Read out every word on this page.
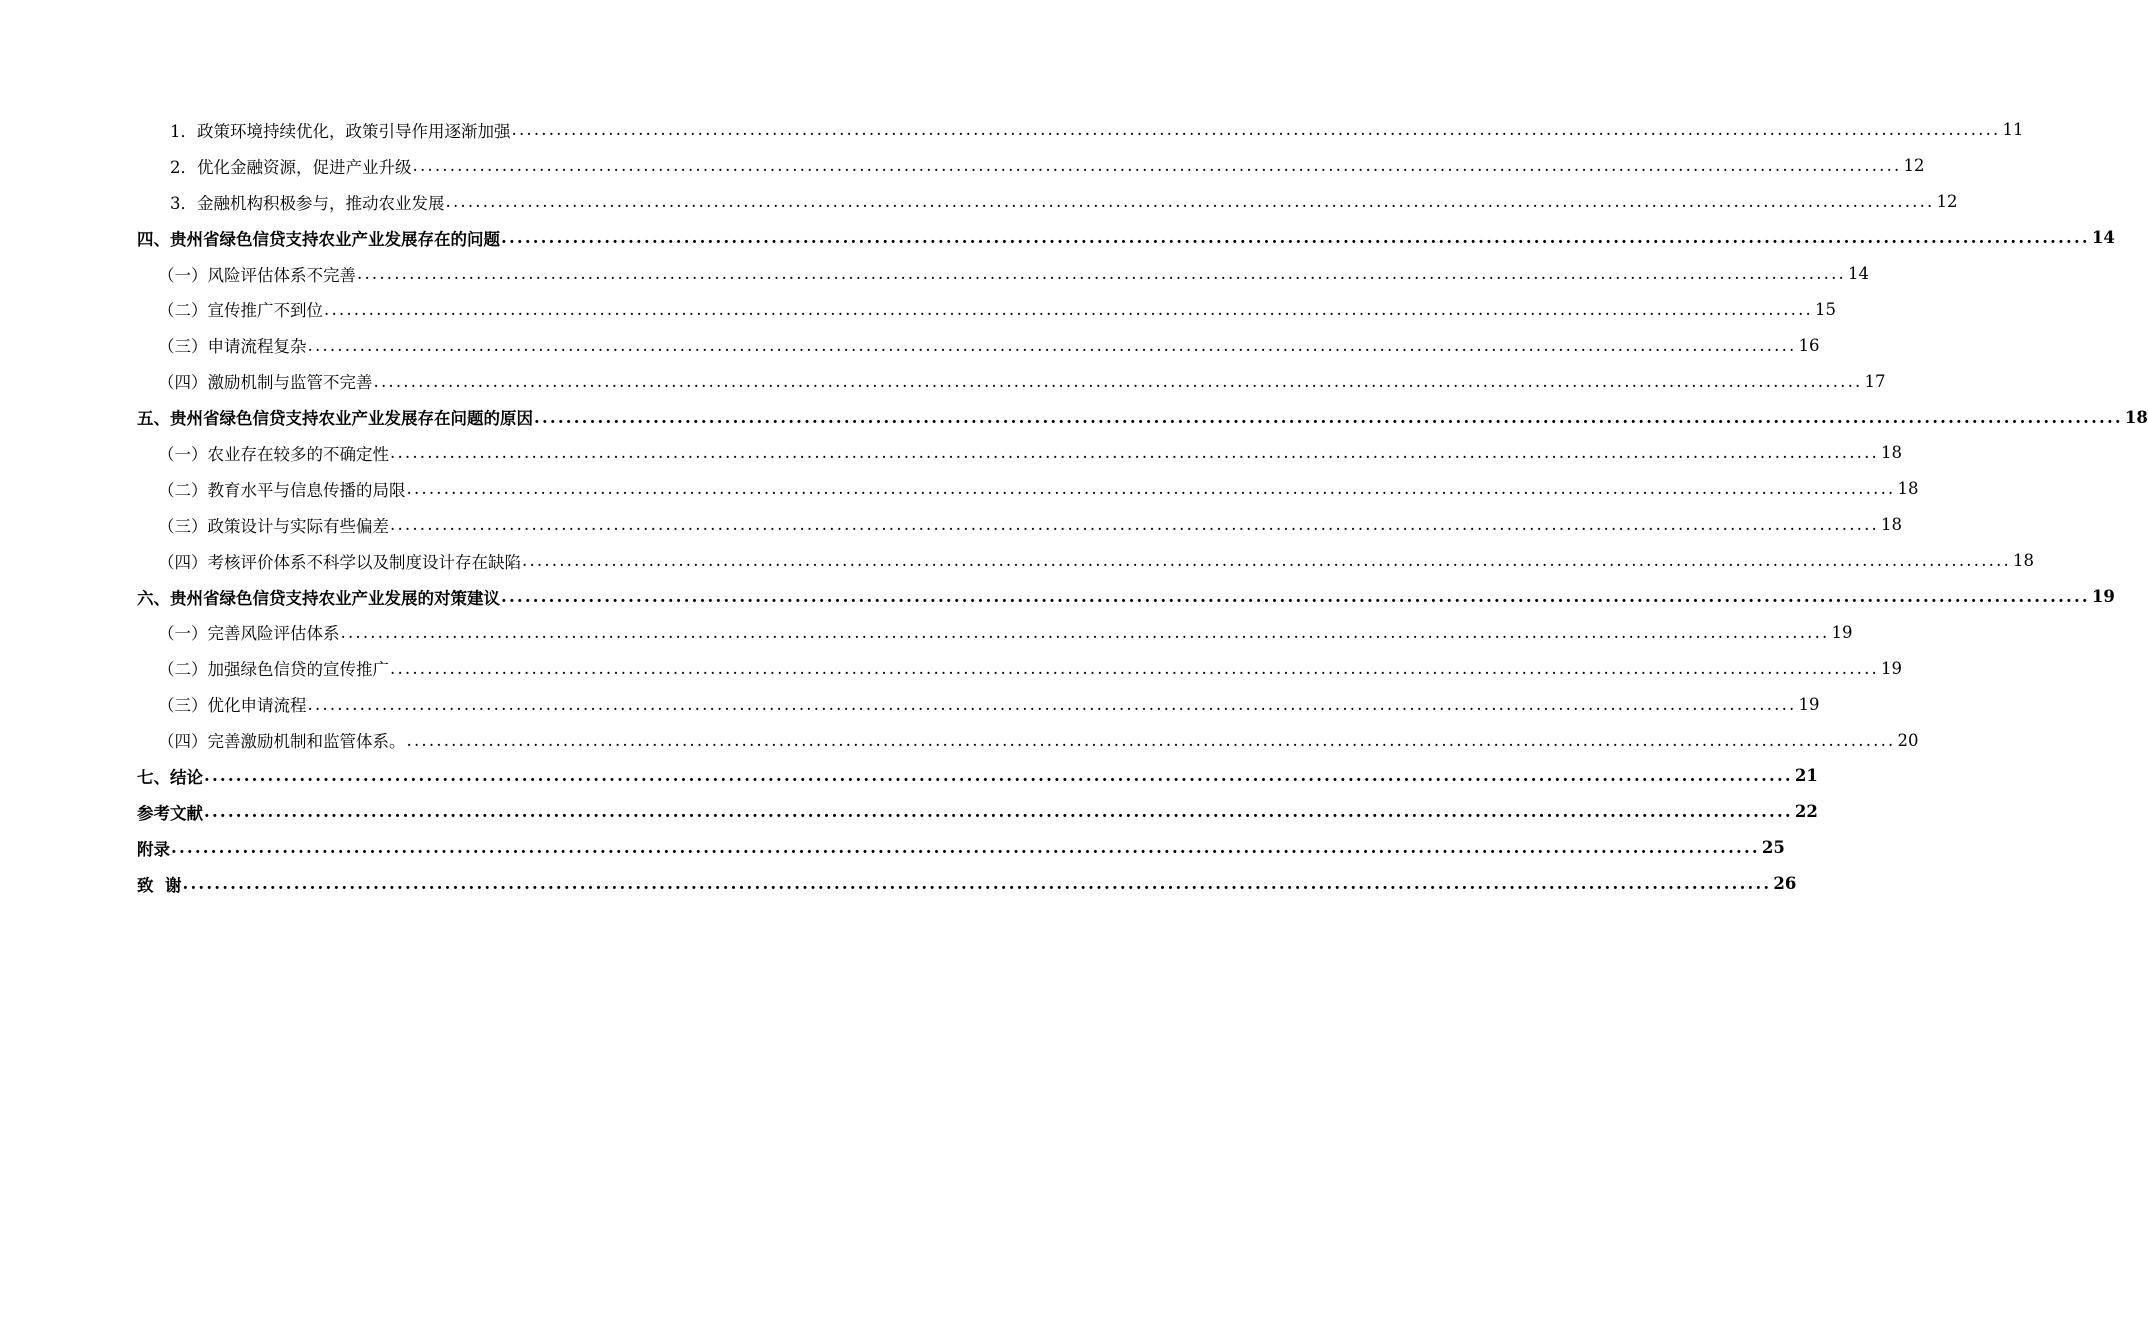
1．政策环境持续优化，政策引导作用逐渐加强 ........................................................................................................................................................................................................ 11
2．优化金融资源，促进产业升级 ........................................................................................................................................................................................................ 12
3．金融机构积极参与，推动农业发展 ........................................................................................................................................................................................................ 12
四、贵州省绿色信贷支持农业产业发展存在的问题 ........................................................................................................................................................................................................ 14
（一）风险评估体系不完善 ........................................................................................................................................................................................................ 14
（二）宣传推广不到位 ........................................................................................................................................................................................................ 15
（三）申请流程复杂 ........................................................................................................................................................................................................ 16
（四）激励机制与监管不完善 ........................................................................................................................................................................................................ 17
五、贵州省绿色信贷支持农业产业发展存在问题的原因 ........................................................................................................................................................................................................ 18
（一）农业存在较多的不确定性 ........................................................................................................................................................................................................ 18
（二）教育水平与信息传播的局限 ........................................................................................................................................................................................................ 18
（三）政策设计与实际有些偏差 ........................................................................................................................................................................................................ 18
（四）考核评价体系不科学以及制度设计存在缺陷 ........................................................................................................................................................................................................ 18
六、贵州省绿色信贷支持农业产业发展的对策建议 ........................................................................................................................................................................................................ 19
（一）完善风险评估体系 ........................................................................................................................................................................................................ 19
（二）加强绿色信贷的宣传推广 ........................................................................................................................................................................................................ 19
（三）优化申请流程 ........................................................................................................................................................................................................ 19
（四）完善激励机制和监管体系。 ........................................................................................................................................................................................................ 20
七、结论 ........................................................................................................................................................................................................ 21
参考文献 ........................................................................................................................................................................................................ 22
附录 ........................................................................................................................................................................................................ 25
致  谢 ........................................................................................................................................................................................................ 26
